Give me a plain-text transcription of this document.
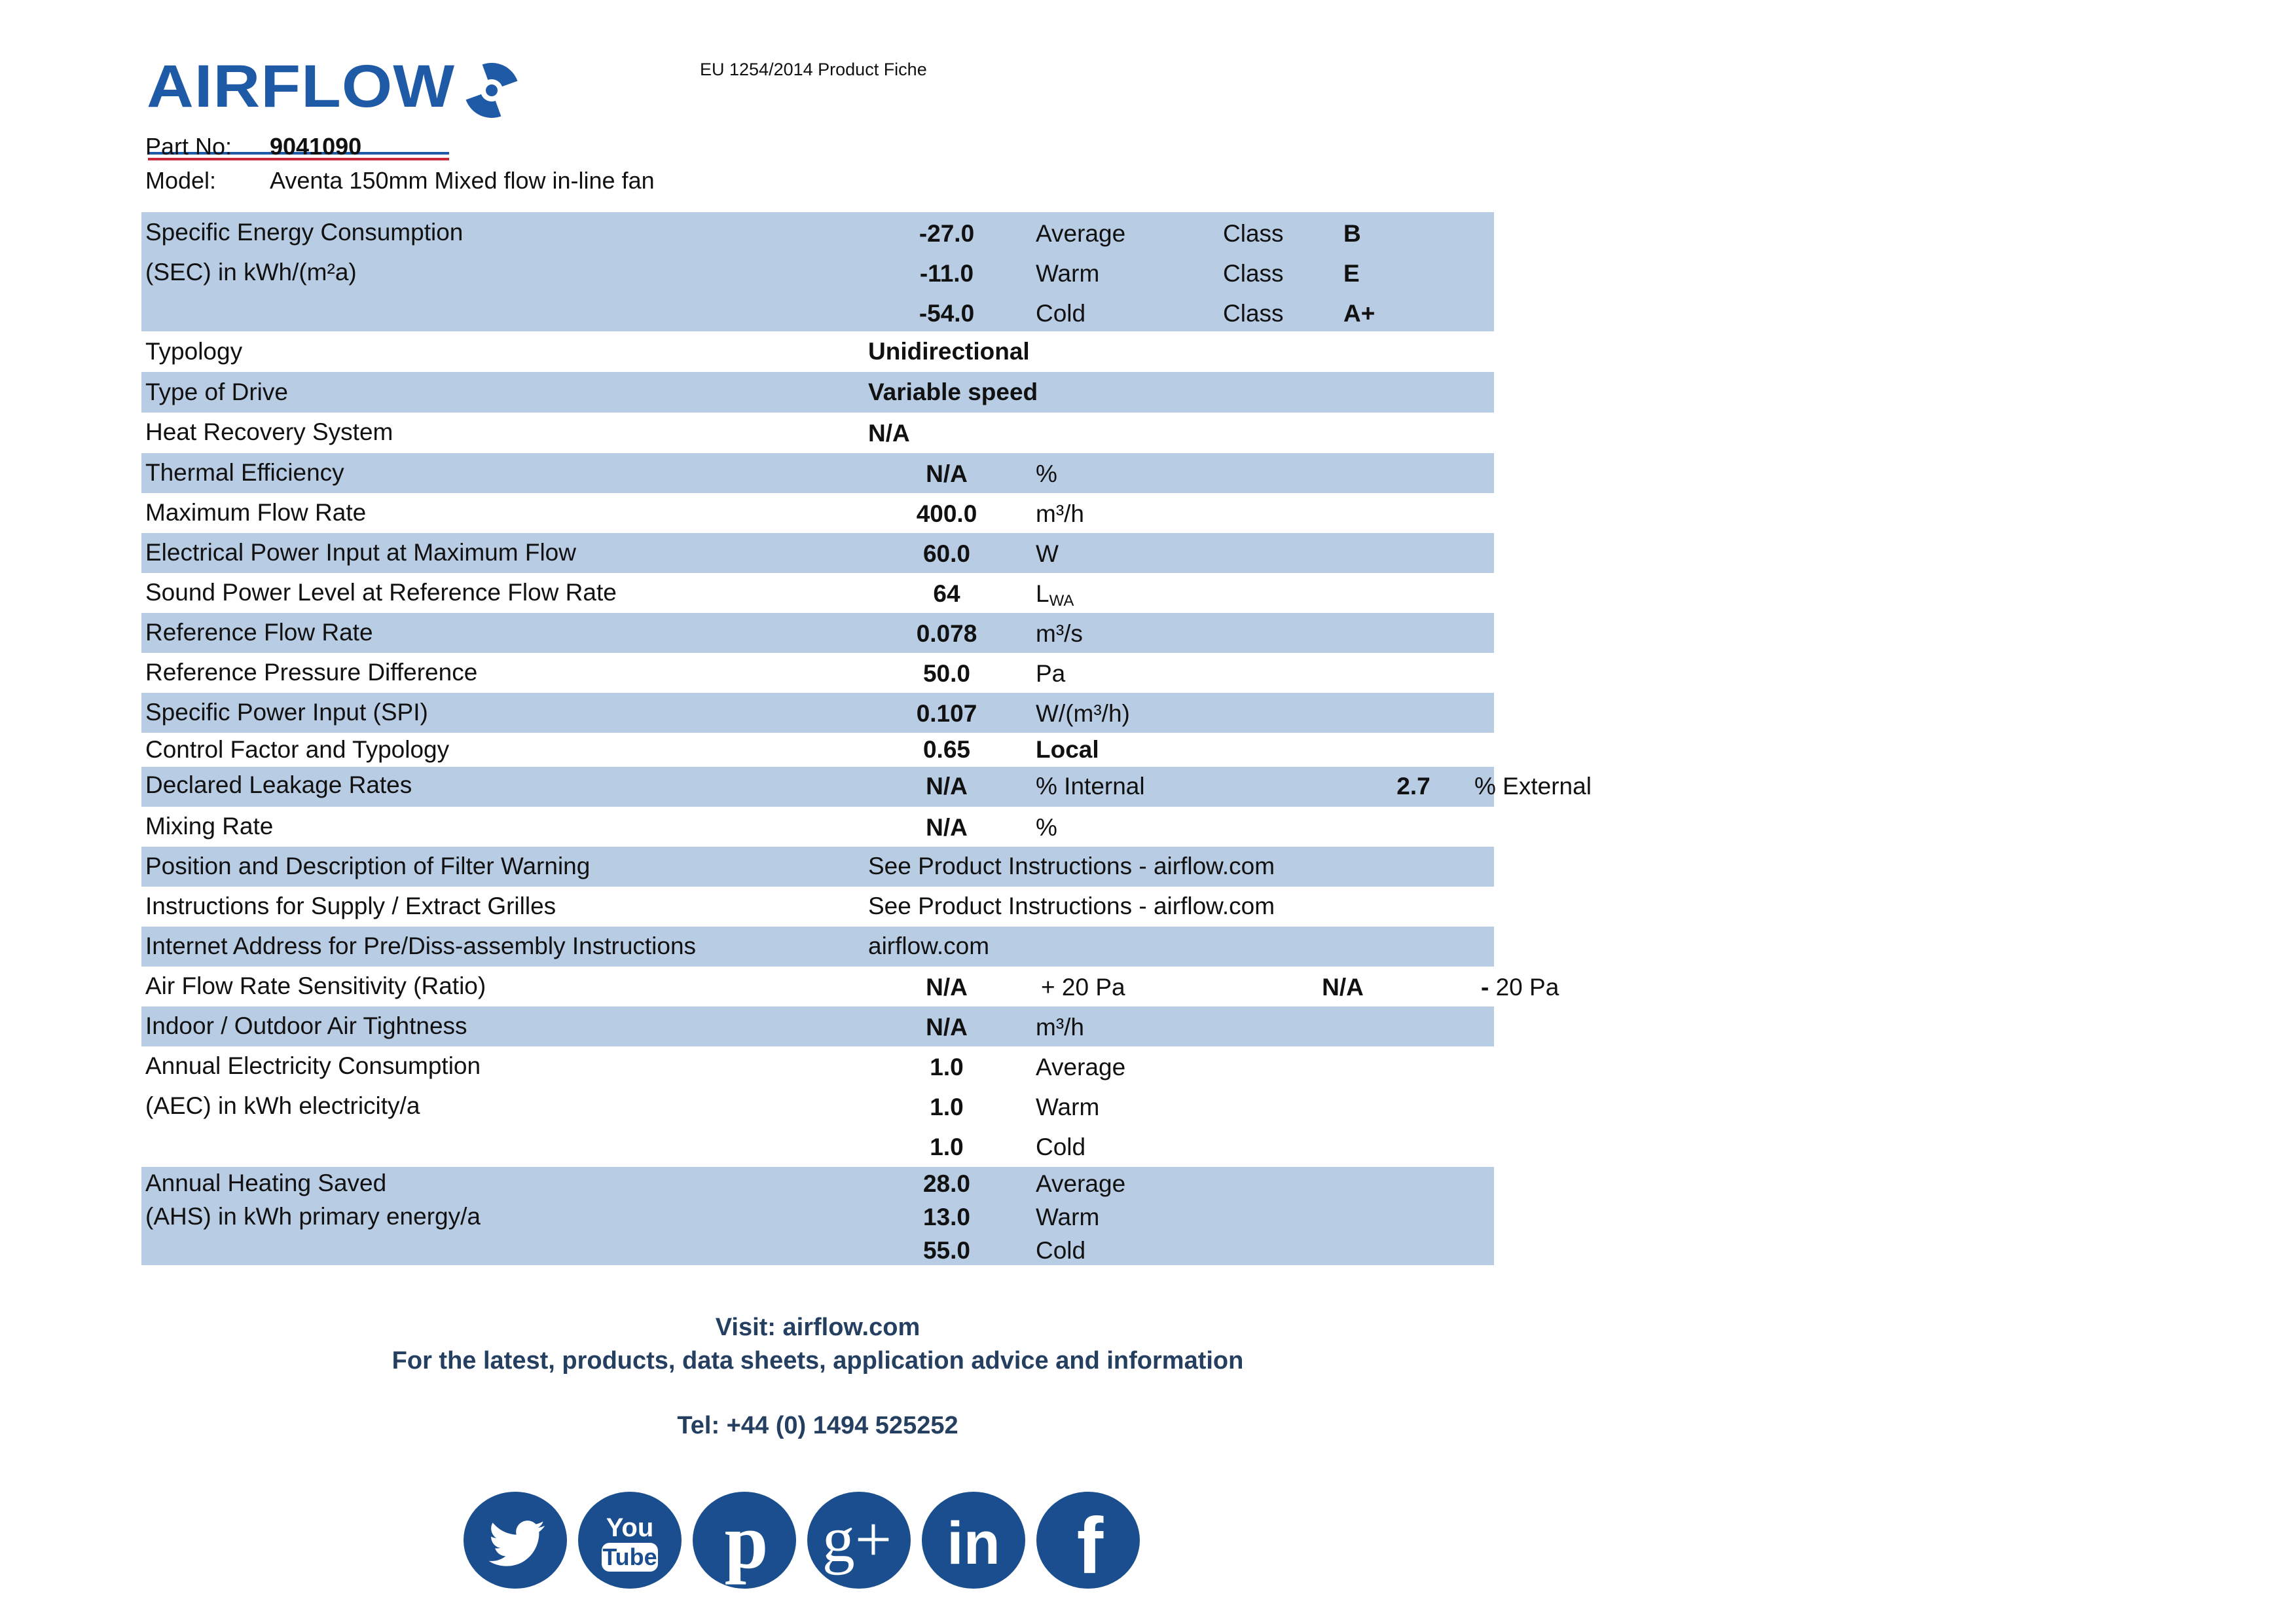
AIRFLOW	EU 1254/2014 Product Fiche
Part No: 9041090
Model: Aventa 150mm Mixed flow in-line fan
Specific Energy Consumption
(SEC) in kWh/(m²a)
-27.0	Average	Class B
-11.0	Warm	Class E
-54.0	Cold	Class A+
Typology	Unidirectional
Type of Drive	Variable speed
Heat Recovery System	N/A
Thermal Efficiency	N/A	%
Maximum Flow Rate	400.0	m³/h
Electrical Power Input at Maximum Flow	60.0	W
Sound Power Level at Reference Flow Rate	64	$L_{WA}$
Reference Flow Rate	0.078	m³/s
Reference Pressure Difference	50.0	Pa
Specific Power Input (SPI)	0.107	W/(m³/h)
Control Factor and Typology	0.65	Local
Declared Leakage Rates	N/A	% Internal	2.7	% External
Mixing Rate	N/A	%
Position and Description of Filter Warning	See Product Instructions - airflow.com
Instructions for Supply / Extract Grilles	See Product Instructions - airflow.com
Internet Address for Pre/Diss-assembly Instructions	airflow.com
Air Flow Rate Sensitivity (Ratio)	N/A	+ 20 Pa	N/A	- 20 Pa
Indoor / Outdoor Air Tightness	N/A	m³/h
Annual Electricity Consumption
(AEC) in kWh electricity/a
1.0	Average
1.0	Warm
1.0	Cold
Annual Heating Saved
(AHS) in kWh primary energy/a
28.0	Average
13.0	Warm
55.0	Cold
Visit: airflow.com
For the latest, products, data sheets, application advice and information
Tel: +44 (0) 1494 525252
You
Tube p g+ in f
